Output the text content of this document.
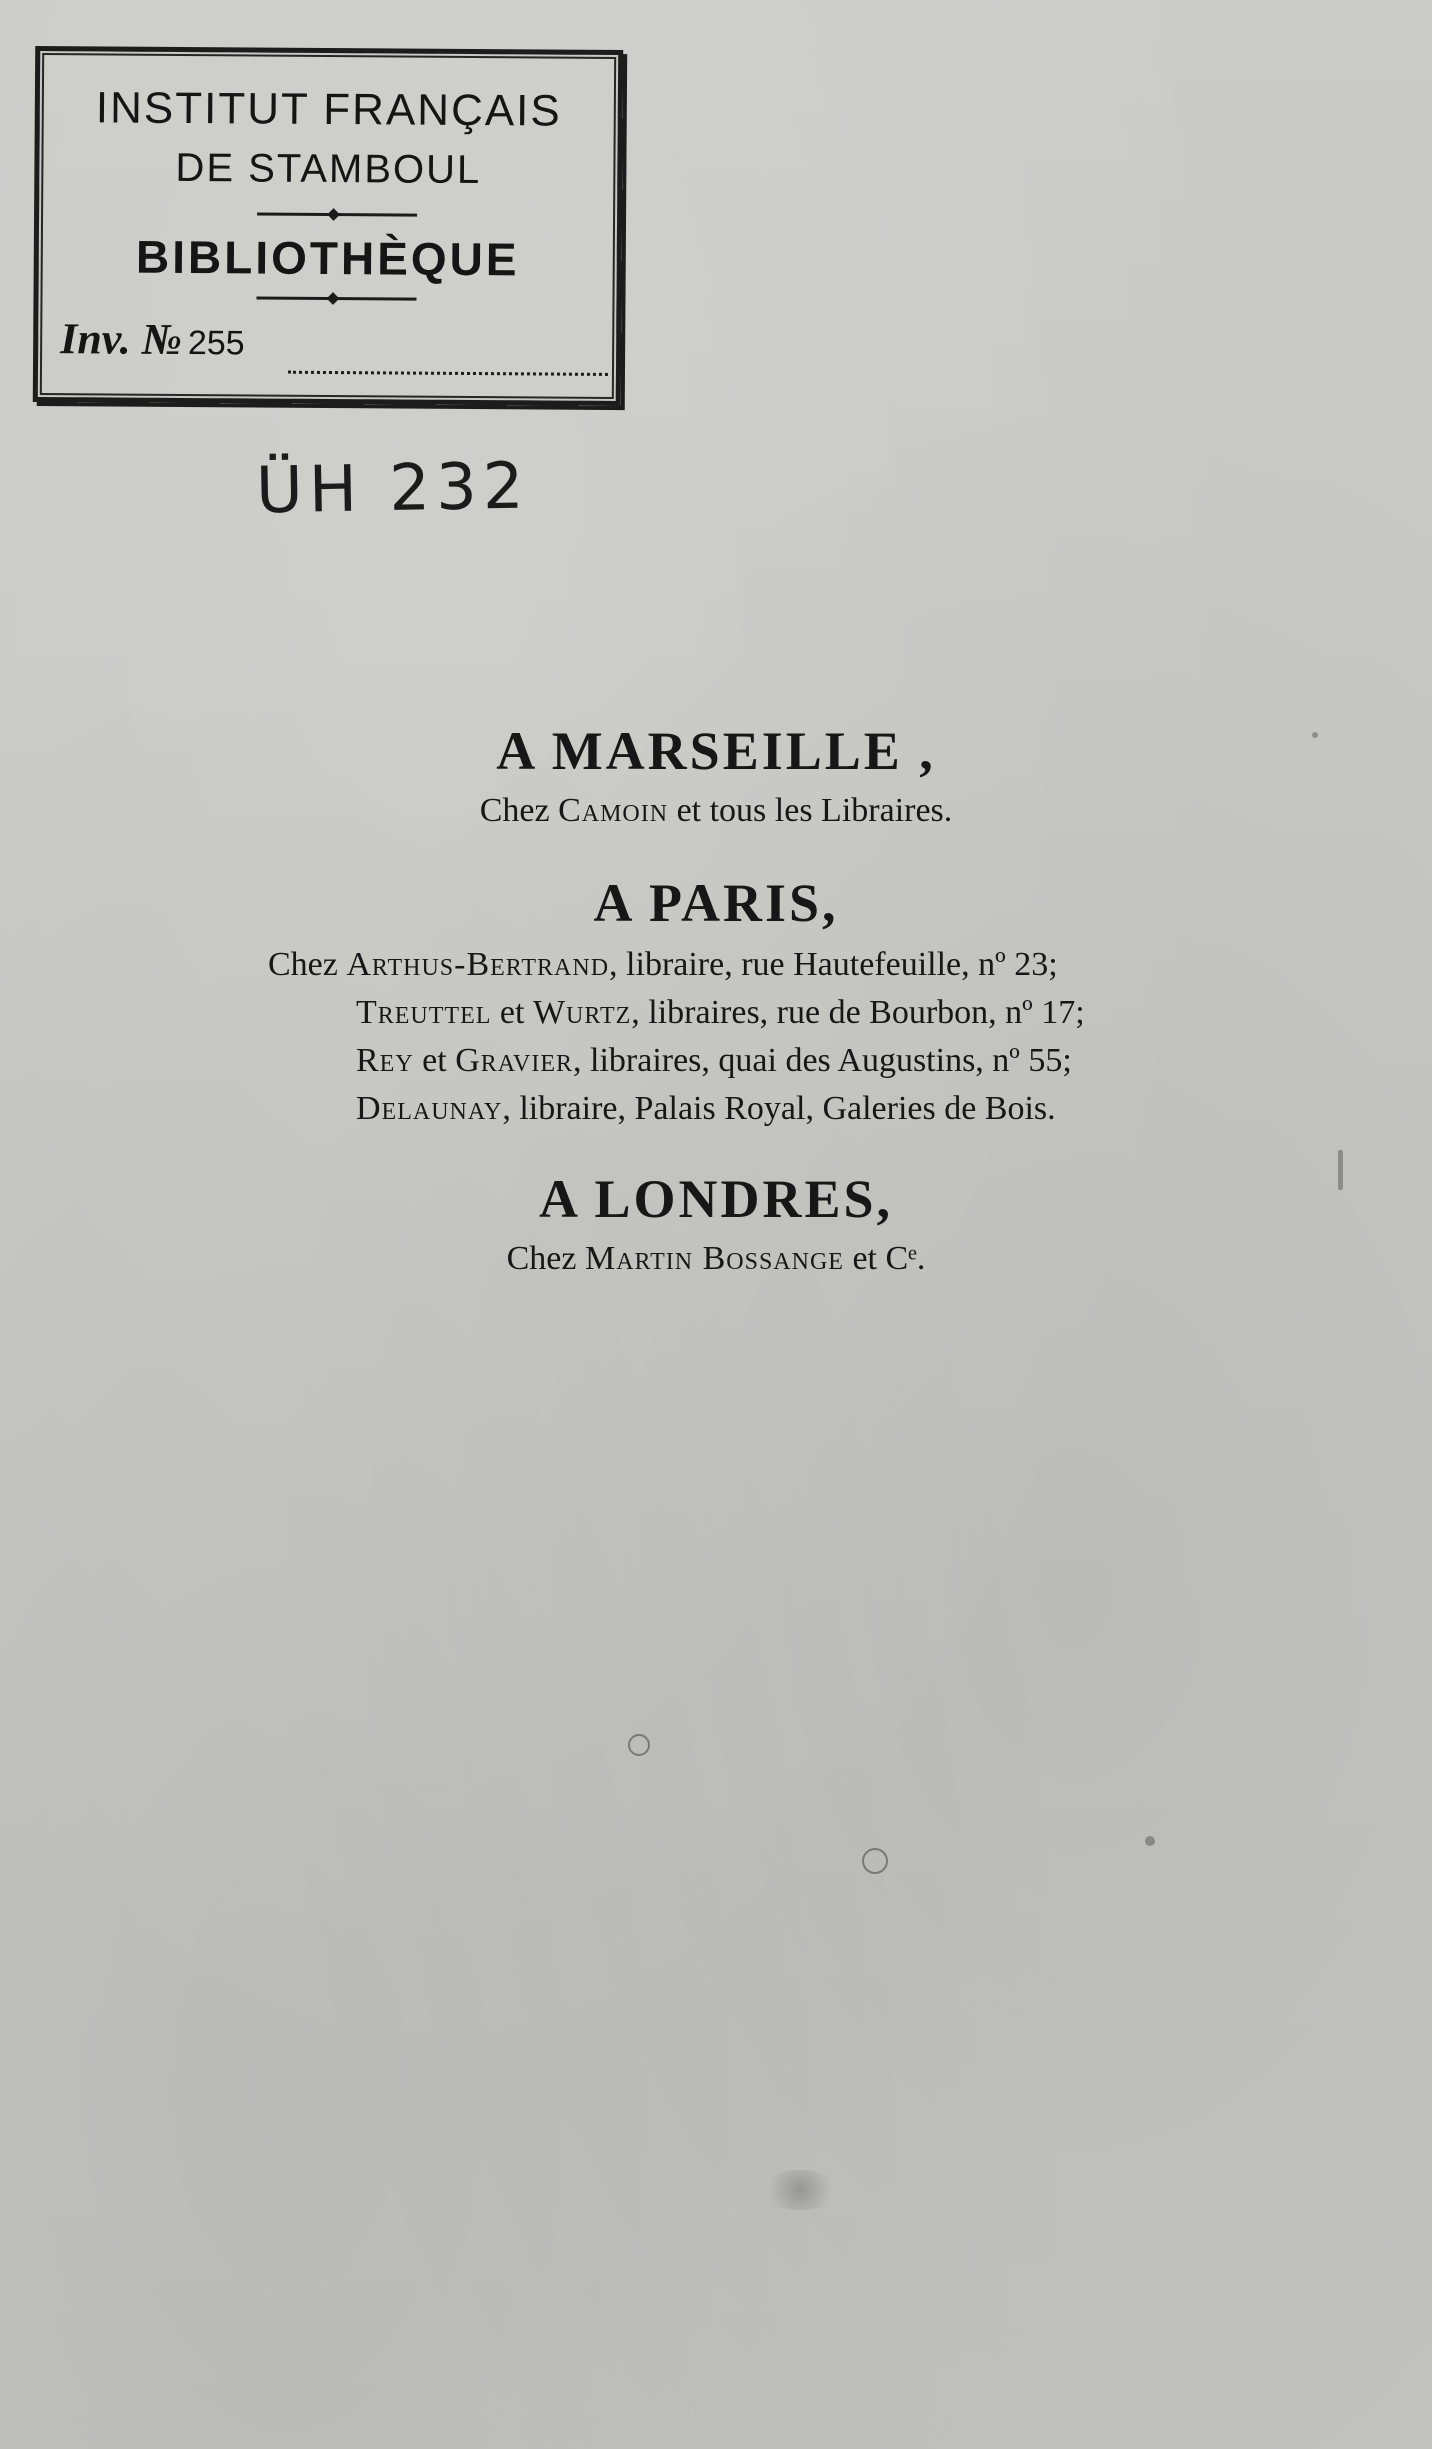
INSTITUT FRANÇAIS
DE STAMBOUL
BIBLIOTHÈQUE
Inv. № 255
ÜH 232
A MARSEILLE ,
Chez Camoin et tous les Libraires.
A PARIS,
Chez Arthus-Bertrand, libraire, rue Hautefeuille, nº 23;
Treuttel et Wurtz, libraires, rue de Bourbon, nº 17;
Rey et Gravier, libraires, quai des Augustins, nº 55;
Delaunay, libraire, Palais Royal, Galeries de Bois.
A LONDRES,
Chez Martin Bossange et Cᵉ.
